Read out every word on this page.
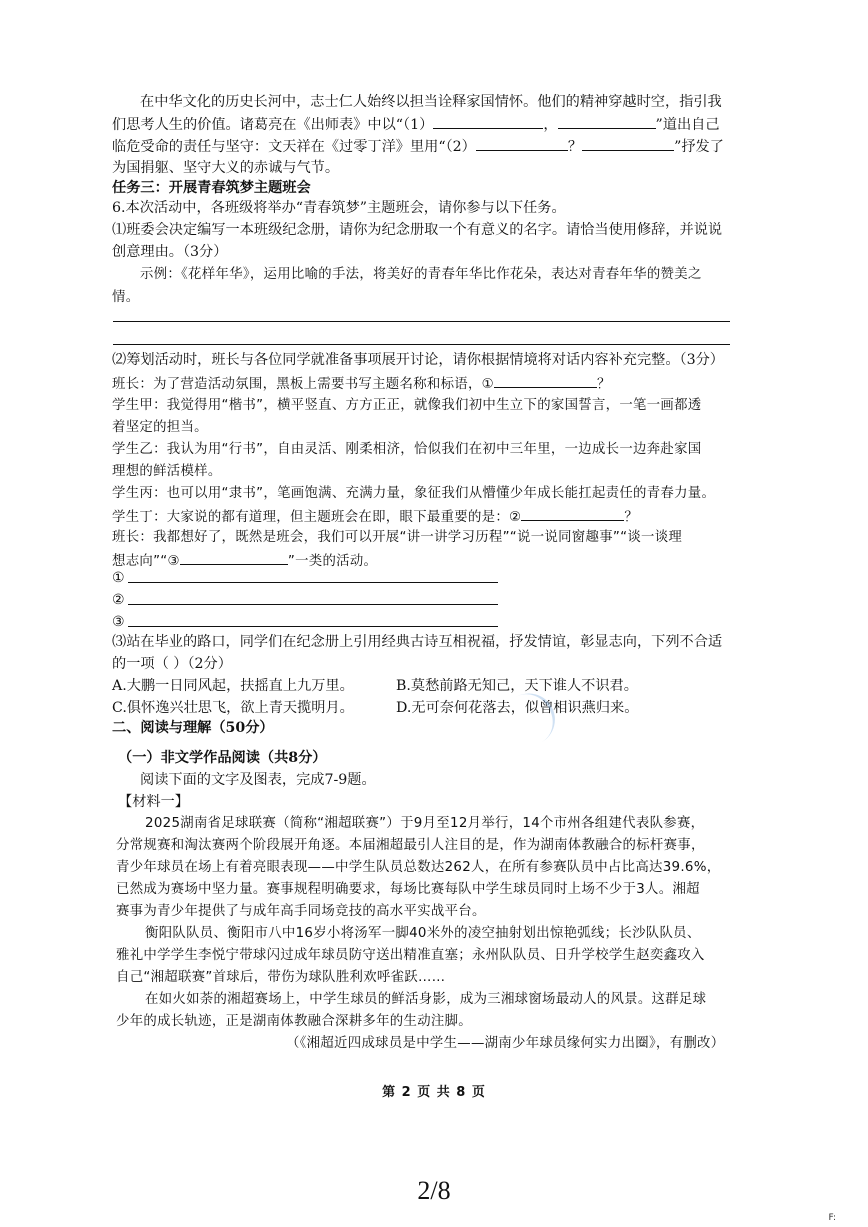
在中华文化的历史长河中，志士仁人始终以担当诠释家国情怀。他们的精神穿越时空，指引我
们思考人生的价值。诸葛亮在《出师表》中以“（1）	，	”道出自己
临危受命的责任与坚守：文天祥在《过零丁洋》里用“（2）	？	”抒发了
为国捐躯、坚守大义的赤诚与气节。
任务三：开展青春筑梦主题班会
6.本次活动中，各班级将举办“青春筑梦”主题班会，请你参与以下任务。
⑴班委会决定编写一本班级纪念册，请你为纪念册取一个有意义的名字。请恰当使用修辞，并说说
创意理由。（3分）
示例：《花样年华》，运用比喻的手法，将美好的青春年华比作花朵，表达对青春年华的赞美之
情。
⑵筹划活动时，班长与各位同学就准备事项展开讨论，请你根据情境将对话内容补充完整。（3分）
班长：为了营造活动氛围，黑板上需要书写主题名称和标语，①	？
学生甲：我觉得用“楷书”，横平竖直、方方正正，就像我们初中生立下的家国誓言，一笔一画都透
着坚定的担当。
学生乙：我认为用“行书”，自由灵活、刚柔相济，恰似我们在初中三年里，一边成长一边奔赴家国
理想的鲜活模样。
学生丙：也可以用“隶书”，笔画饱满、充满力量，象征我们从懵懂少年成长能扛起责任的青春力量。
学生丁：大家说的都有道理，但主题班会在即，眼下最重要的是：②	？
班长：我都想好了，既然是班会，我们可以开展“讲一讲学习历程”“说一说同窗趣事”“谈一谈理
想志向”“③	”一类的活动。
①
②
③
⑶站在毕业的路口，同学们在纪念册上引用经典古诗互相祝福，抒发情谊，彰显志向，下列不合适
的一项（ ）（2分）
A.大鹏一日同风起，扶摇直上九万里。	B.莫愁前路无知己，天下谁人不识君。
C.俱怀逸兴壮思飞，欲上青天揽明月。	D.无可奈何花落去，似曾相识燕归来。
二、阅读与理解（50分）
（一）非文学作品阅读（共8分）
阅读下面的文字及图表，完成7-9题。
【材料一】
2025湖南省足球联赛（简称“湘超联赛”）于9月至12月举行，14个市州各组建代表队参赛，
分常规赛和淘汰赛两个阶段展开角逐。本届湘超最引人注目的是，作为湖南体教融合的标杆赛事，
青少年球员在场上有着亮眼表现——中学生队员总数达262人，在所有参赛队员中占比高达39.6%，
已然成为赛场中坚力量。赛事规程明确要求，每场比赛每队中学生球员同时上场不少于3人。湘超
赛事为青少年提供了与成年高手同场竞技的高水平实战平台。
衡阳队队员、衡阳市八中16岁小将汤军一脚40米外的凌空抽射划出惊艳弧线；长沙队队员、
雅礼中学学生李悦宁带球闪过成年球员防守送出精准直塞；永州队队员、日升学校学生赵奕鑫攻入
自己“湘超联赛”首球后，带伤为球队胜利欢呼雀跃……
在如火如荼的湘超赛场上，中学生球员的鲜活身影，成为三湘球窗场最动人的风景。这群足球
少年的成长轨迹，正是湖南体教融合深耕多年的生动注脚。
（《湘超近四成球员是中学生——湖南少年球员缘何实力出圈》，有删改）
第 2 页 共 8 页
2/8
F:
